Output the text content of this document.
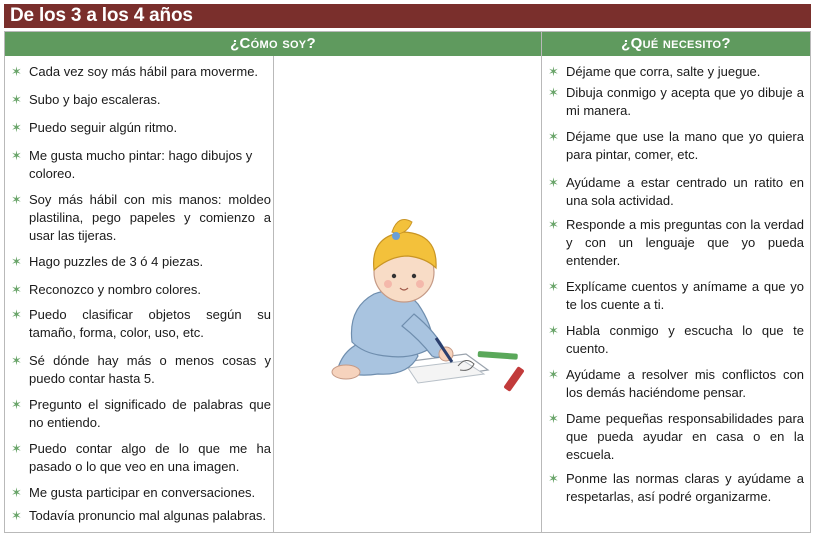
De los 3 a los 4 años
¿Cómo soy?	¿Qué necesito?
✶ Cada vez soy más hábil para moverme.
✶ Subo y bajo escaleras.
✶ Puedo seguir algún ritmo.
✶ Me gusta mucho pintar: hago dibujos y coloreo.
✶ Soy más hábil con mis manos: moldeo plastilina, pego papeles y comienzo a usar las tijeras.
✶ Hago puzzles de 3 ó 4 piezas.
✶ Reconozco y nombro colores.
✶ Puedo clasificar objetos según su tamaño, forma, color, uso, etc.
✶ Sé dónde hay más o menos cosas y puedo contar hasta 5.
✶ Pregunto el significado de palabras que no entiendo.
✶ Puedo contar algo de lo que me ha pasado o lo que veo en una imagen.
✶ Me gusta participar en conversaciones.
✶ Todavía pronuncio mal algunas palabras.
✶ Déjame que corra, salte y juegue.
✶ Dibuja conmigo y acepta que yo dibuje a mi manera.
✶ Déjame que use la mano que yo quiera para pintar, comer, etc.
✶ Ayúdame a estar centrado un ratito en una sola actividad.
✶ Responde a mis preguntas con la verdad y con un lenguaje que yo pueda entender.
✶ Explícame cuentos y anímame a que yo te los cuente a ti.
✶ Habla conmigo y escucha lo que te cuento.
✶ Ayúdame a resolver mis conflictos con los demás haciéndome pensar.
✶ Dame pequeñas responsabilidades para que pueda ayudar en casa o en la escuela.
✶ Ponme las normas claras y ayúdame a respetarlas, así podré organizarme.
